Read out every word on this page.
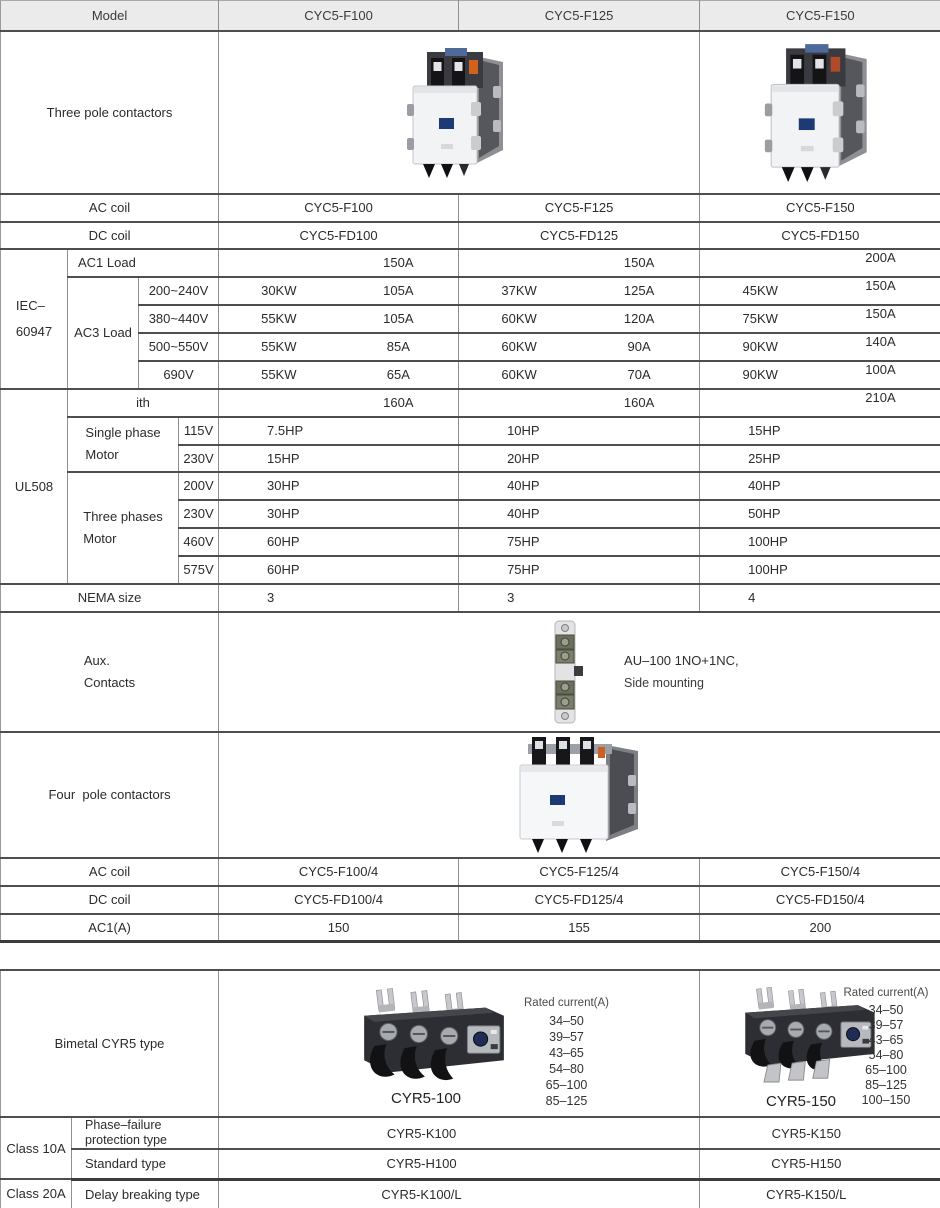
Model				CYC5-F100	CYC5-F125	CYC5-F150
Three pole contactors	

AC coil				CYC5-F100	CYC5-F125	CYC5-F150
DC coil				CYC5-FD100	CYC5-FD125	CYC5-FD150

IEC–
60947	AC1 Load			150A	150A	200A

	AC3 Load	200~240V		30KW 105A	37KW 125A	45KW 150A

		380~440V		55KW 105A	60KW 120A	75KW 150A

		500~550V		55KW 85A	60KW 90A	90KW 140A

		690V		55KW 65A	60KW 70A	90KW 100A

UL508	ith			160A	160A	210A

	Single phase
Motor		115V	7.5HP	10HP	15HP
			230V	15HP	20HP	25HP

	Three phases
Motor		200V	30HP	40HP	40HP
			230V	30HP	40HP	50HP
			460V	60HP	75HP	100HP
			575V	60HP	75HP	100HP
NEMA size				3	3	4

Aux.
Contacts

AU–100 1NO+1NC,
Side mounting

Four  pole contactors	

AC coil				CYC5-F100/4	CYC5-F125/4	CYC5-F150/4
DC coil				CYC5-FD100/4	CYC5-FD125/4	CYC5-FD150/4
AC1(A)				150	155	200
Bimetal CYR5 type	
CYR5-100
Rated current(A)
34–50
39–57
43–65
54–80
65–100
85–125	CYR5-150
Rated current(A)
34–50
39–57
43–65
54–80
65–100
85–125
100–150

Class 10A	Phase–failure
protection type	CYR5-K100	CYR5-K150
	Standard type	CYR5-H100	CYR5-H150
Class 20A	Delay breaking type	CYR5-K100/L	CYR5-K150/L
